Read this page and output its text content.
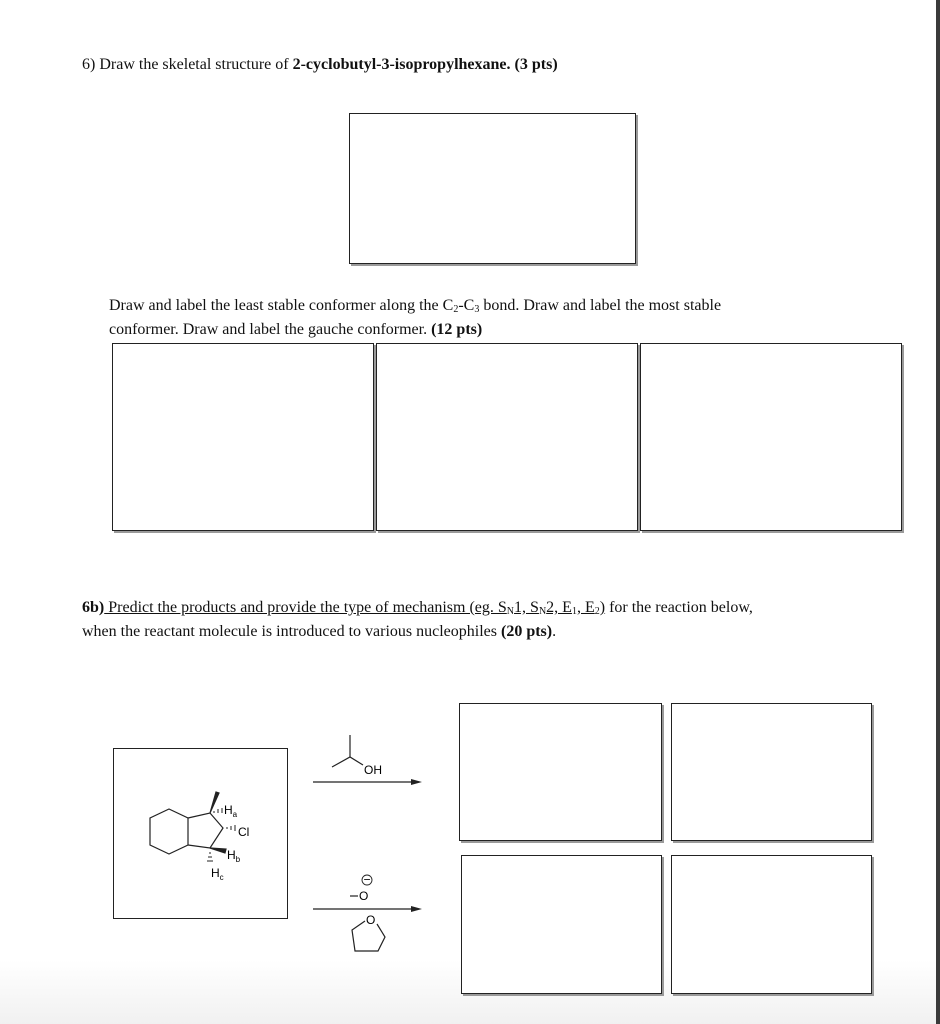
6) Draw the skeletal structure of 2-cyclobutyl-3-isopropylhexane. (3 pts)
Draw and label the least stable conformer along the $C_2-C_3$ bond. Draw and label the most stable
conformer. Draw and label the gauche conformer. (12 pts)
6b) Predict the products and provide the type of mechanism (eg. $S_N1$, $S_N2$, $E_1$, $E_2$) for the reaction below,
when the reactant molecule is introduced to various nucleophiles (20 pts).
$H_a$
Cl
$H_b$
$H_c$
OH
−
O
O
